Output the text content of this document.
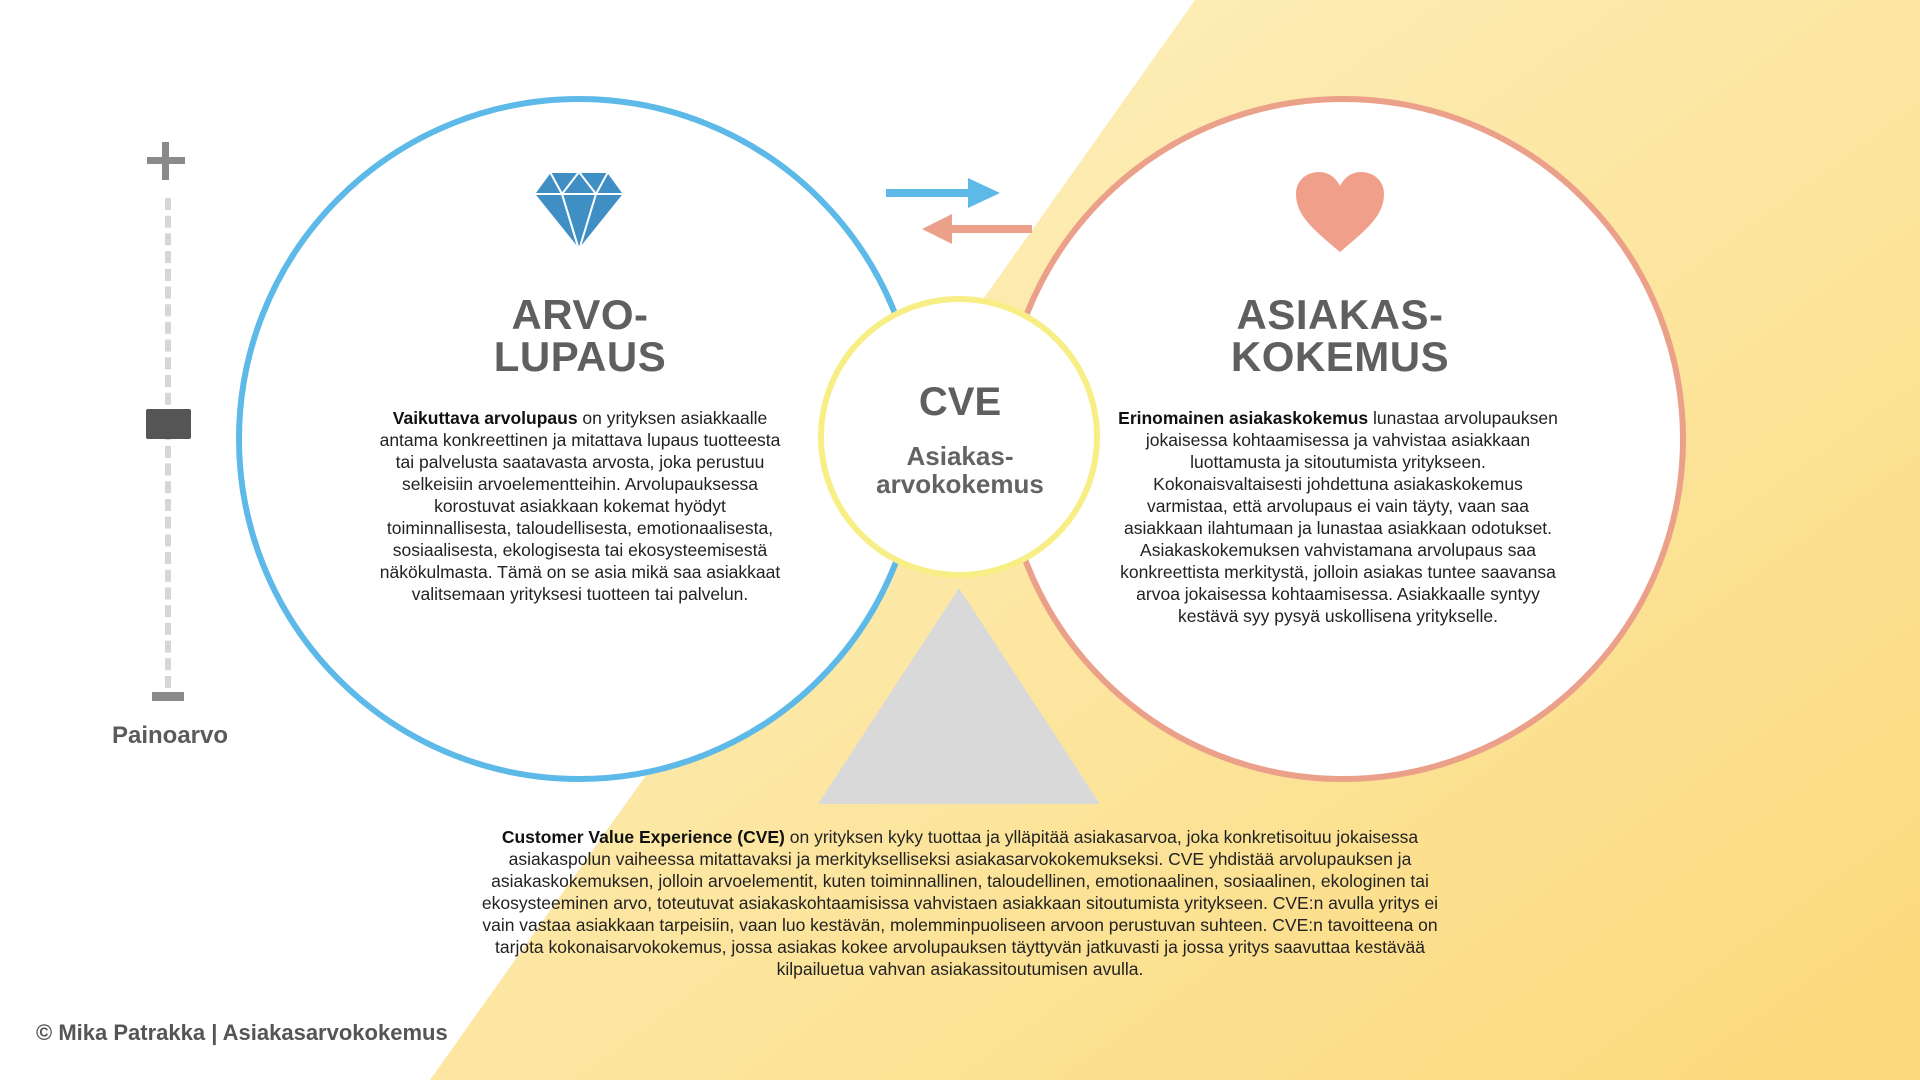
Painoarvo
ARVO-
LUPAUS
ASIAKAS-
KOKEMUS
CVE
Asiakas-
arvokokemus
Vaikuttava arvolupaus on yrityksen asiakkaalle antama konkreettinen ja mitattava lupaus tuotteesta tai palvelusta saatavasta arvosta, joka perustuu selkeisiin arvoelementteihin. Arvolupauksessa korostuvat asiakkaan kokemat hyödyt toiminnallisesta, taloudellisesta, emotionaalisesta, sosiaalisesta, ekologisesta tai ekosysteemisestä näkökulmasta. Tämä on se asia mikä saa asiakkaat valitsemaan yrityksesi tuotteen tai palvelun.
Erinomainen asiakaskokemus lunastaa arvolupauksen jokaisessa kohtaamisessa ja vahvistaa asiakkaan luottamusta ja sitoutumista yritykseen. Kokonaisvaltaisesti johdettuna asiakaskokemus varmistaa, että arvolupaus ei vain täyty, vaan saa asiakkaan ilahtumaan ja lunastaa asiakkaan odotukset. Asiakaskokemuksen vahvistamana arvolupaus saa konkreettista merkitystä, jolloin asiakas tuntee saavansa arvoa jokaisessa kohtaamisessa. Asiakkaalle syntyy kestävä syy pysyä uskollisena yritykselle.
Customer Value Experience (CVE) on yrityksen kyky tuottaa ja ylläpitää asiakasarvoa, joka konkretisoituu jokaisessa asiakaspolun vaiheessa mitattavaksi ja merkitykselliseksi asiakasarvokokemukseksi. CVE yhdistää arvolupauksen ja asiakaskokemuksen, jolloin arvoelementit, kuten toiminnallinen, taloudellinen, emotionaalinen, sosiaalinen, ekologinen tai ekosysteeminen arvo, toteutuvat asiakaskohtaamisissa vahvistaen asiakkaan sitoutumista yritykseen. CVE:n avulla yritys ei vain vastaa asiakkaan tarpeisiin, vaan luo kestävän, molemminpuoliseen arvoon perustuvan suhteen. CVE:n tavoitteena on tarjota kokonaisarvokokemus, jossa asiakas kokee arvolupauksen täyttyvän jatkuvasti ja jossa yritys saavuttaa kestävää kilpailuetua vahvan asiakassitoutumisen avulla.
© Mika Patrakka | Asiakasarvokokemus
